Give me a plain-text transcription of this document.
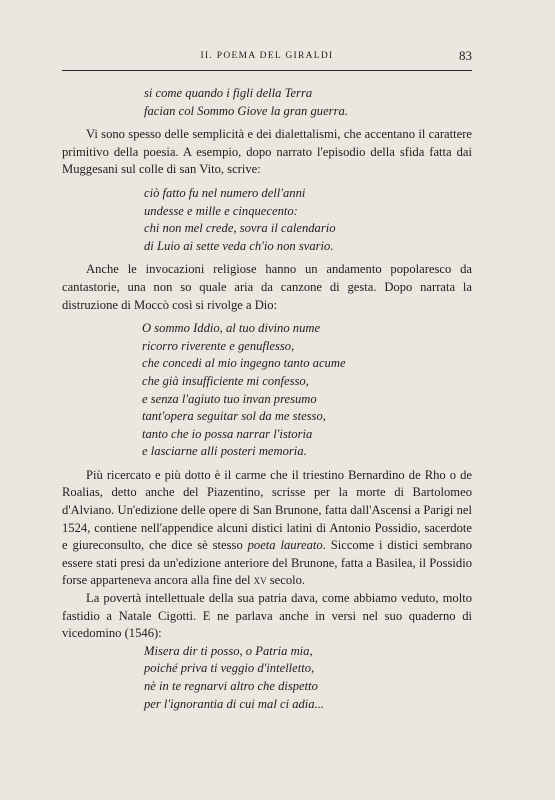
II. POEMA DEL GIRALDI	83
si come quando i figli della Terra
facian col Sommo Giove la gran guerra.

Vi sono spesso delle semplicità e dei dialettalismi, che accentano il carattere primitivo della poesia. A esempio, dopo narrato l'episodio della sfida fatta dai Muggesani sul colle di san Vito, scrive:

ciò fatto fu nel numero dell'anni
undesse e mille e cinquecento:
chi non mel crede, sovra il calendario
di Luio ai sette veda ch'io non svario.

Anche le invocazioni religiose hanno un andamento popolaresco da cantastorie, una non so quale aria da canzone di gesta. Dopo narrata la distruzione di Moccò così si rivolge a Dio:

O sommo Iddio, al tuo divino nume
ricorro riverente e genuflesso,
che concedi al mio ingegno tanto acume
che già insufficiente mi confesso,
e senza l'agiuto tuo invan presumo
tant'opera seguitar sol da me stesso,
tanto che io possa narrar l'istoria
e lasciarne alli posteri memoria.

Più ricercato e più dotto è il carme che il triestino Bernardino de Rho o de Roalias, detto anche del Piazentino, scrisse per la morte di Bartolomeo d'Alviano. Un'edizione delle opere di San Brunone, fatta dall'Ascensi a Parigi nel 1524, contiene nell'appendice alcuni distici latini di Antonio Possidio, sacerdote e giureconsulto, che dice sè stesso poeta laureato. Siccome i distici sembrano essere stati presi da un'edizione anteriore del Brunone, fatta a Basilea, il Possidio forse apparteneva ancora alla fine del xv secolo.

La povertà intellettuale della sua patria dava, come abbiamo veduto, molto fastidio a Natale Cigotti. E ne parlava anche in versi nel suo quaderno di vicedomino (1546):

Misera dir ti posso, o Patria mia,
poiché priva ti veggio d'intelletto,
nè in te regnarvi altro che dispetto
per l'ignorantia di cui mal ci adia...
